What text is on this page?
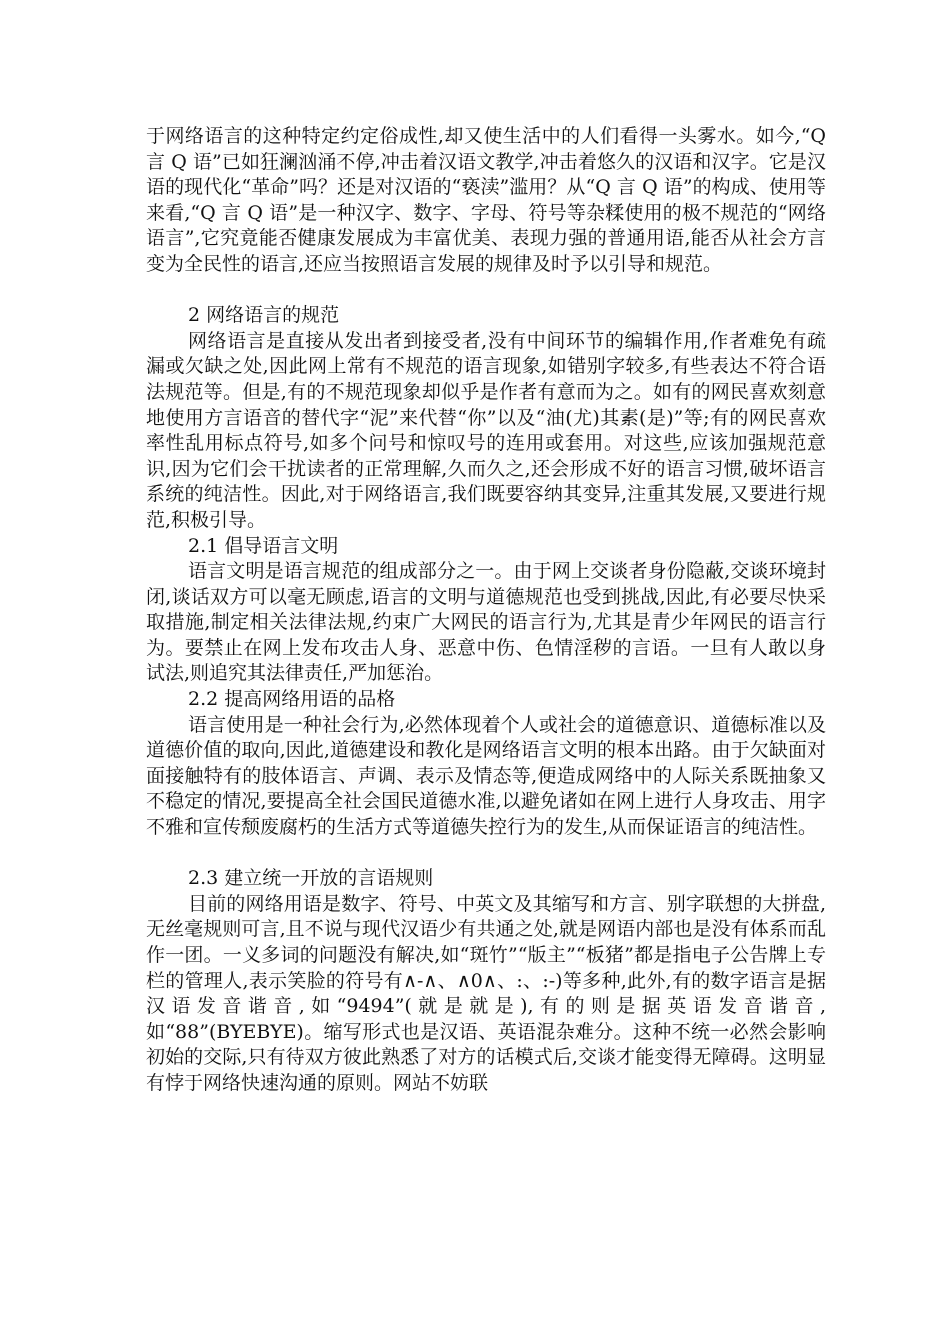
于网络语言的这种特定约定俗成性,却又使生活中的人们看得一头雾水。如今,“Q 言 Q 语”已如狂澜汹涌不停,冲击着汉语文教学,冲击着悠久的汉语和汉字。它是汉语的现代化“革命”吗？还是对汉语的“亵渎”滥用？从“Q 言 Q 语”的构成、使用等来看,“Q 言 Q 语”是一种汉字、数字、字母、符号等杂糅使用的极不规范的“网络语言”,它究竟能否健康发展成为丰富优美、表现力强的普通用语,能否从社会方言变为全民性的语言,还应当按照语言发展的规律及时予以引导和规范。

2 网络语言的规范

网络语言是直接从发出者到接受者,没有中间环节的编辑作用,作者难免有疏漏或欠缺之处,因此网上常有不规范的语言现象,如错别字较多,有些表达不符合语法规范等。但是,有的不规范现象却似乎是作者有意而为之。如有的网民喜欢刻意地使用方言语音的替代字“泥”来代替“你”以及“油(尤)其素(是)”等;有的网民喜欢率性乱用标点符号,如多个问号和惊叹号的连用或套用。对这些,应该加强规范意识,因为它们会干扰读者的正常理解,久而久之,还会形成不好的语言习惯,破坏语言系统的纯洁性。因此,对于网络语言,我们既要容纳其变异,注重其发展,又要进行规范,积极引导。

2.1 倡导语言文明

语言文明是语言规范的组成部分之一。由于网上交谈者身份隐蔽,交谈环境封闭,谈话双方可以毫无顾虑,语言的文明与道德规范也受到挑战,因此,有必要尽快采取措施,制定相关法律法规,约束广大网民的语言行为,尤其是青少年网民的语言行为。要禁止在网上发布攻击人身、恶意中伤、色情淫秽的言语。一旦有人敢以身试法,则追究其法律责任,严加惩治。

2.2 提高网络用语的品格

语言使用是一种社会行为,必然体现着个人或社会的道德意识、道德标准以及道德价值的取向,因此,道德建设和教化是网络语言文明的根本出路。由于欠缺面对面接触特有的肢体语言、声调、表示及情态等,便造成网络中的人际关系既抽象又不稳定的情况,要提高全社会国民道德水准,以避免诸如在网上进行人身攻击、用字不雅和宣传颓废腐朽的生活方式等道德失控行为的发生,从而保证语言的纯洁性。

2.3 建立统一开放的言语规则

目前的网络用语是数字、符号、中英文及其缩写和方言、别字联想的大拼盘,无丝毫规则可言,且不说与现代汉语少有共通之处,就是网语内部也是没有体系而乱作一团。一义多词的问题没有解决,如“斑竹”“版主”“板猪”都是指电子公告牌上专栏的管理人,表示笑脸的符号有∧-∧、∧0∧、:、:-)等多种,此外,有的数字语言是据汉语发音谐音,如“9494”(就是就是),有的则是据英语发音谐音,如“88”(BYEBYE)。缩写形式也是汉语、英语混杂难分。这种不统一必然会影响初始的交际,只有待双方彼此熟悉了对方的话模式后,交谈才能变得无障碍。这明显有悖于网络快速沟通的原则。网站不妨联
